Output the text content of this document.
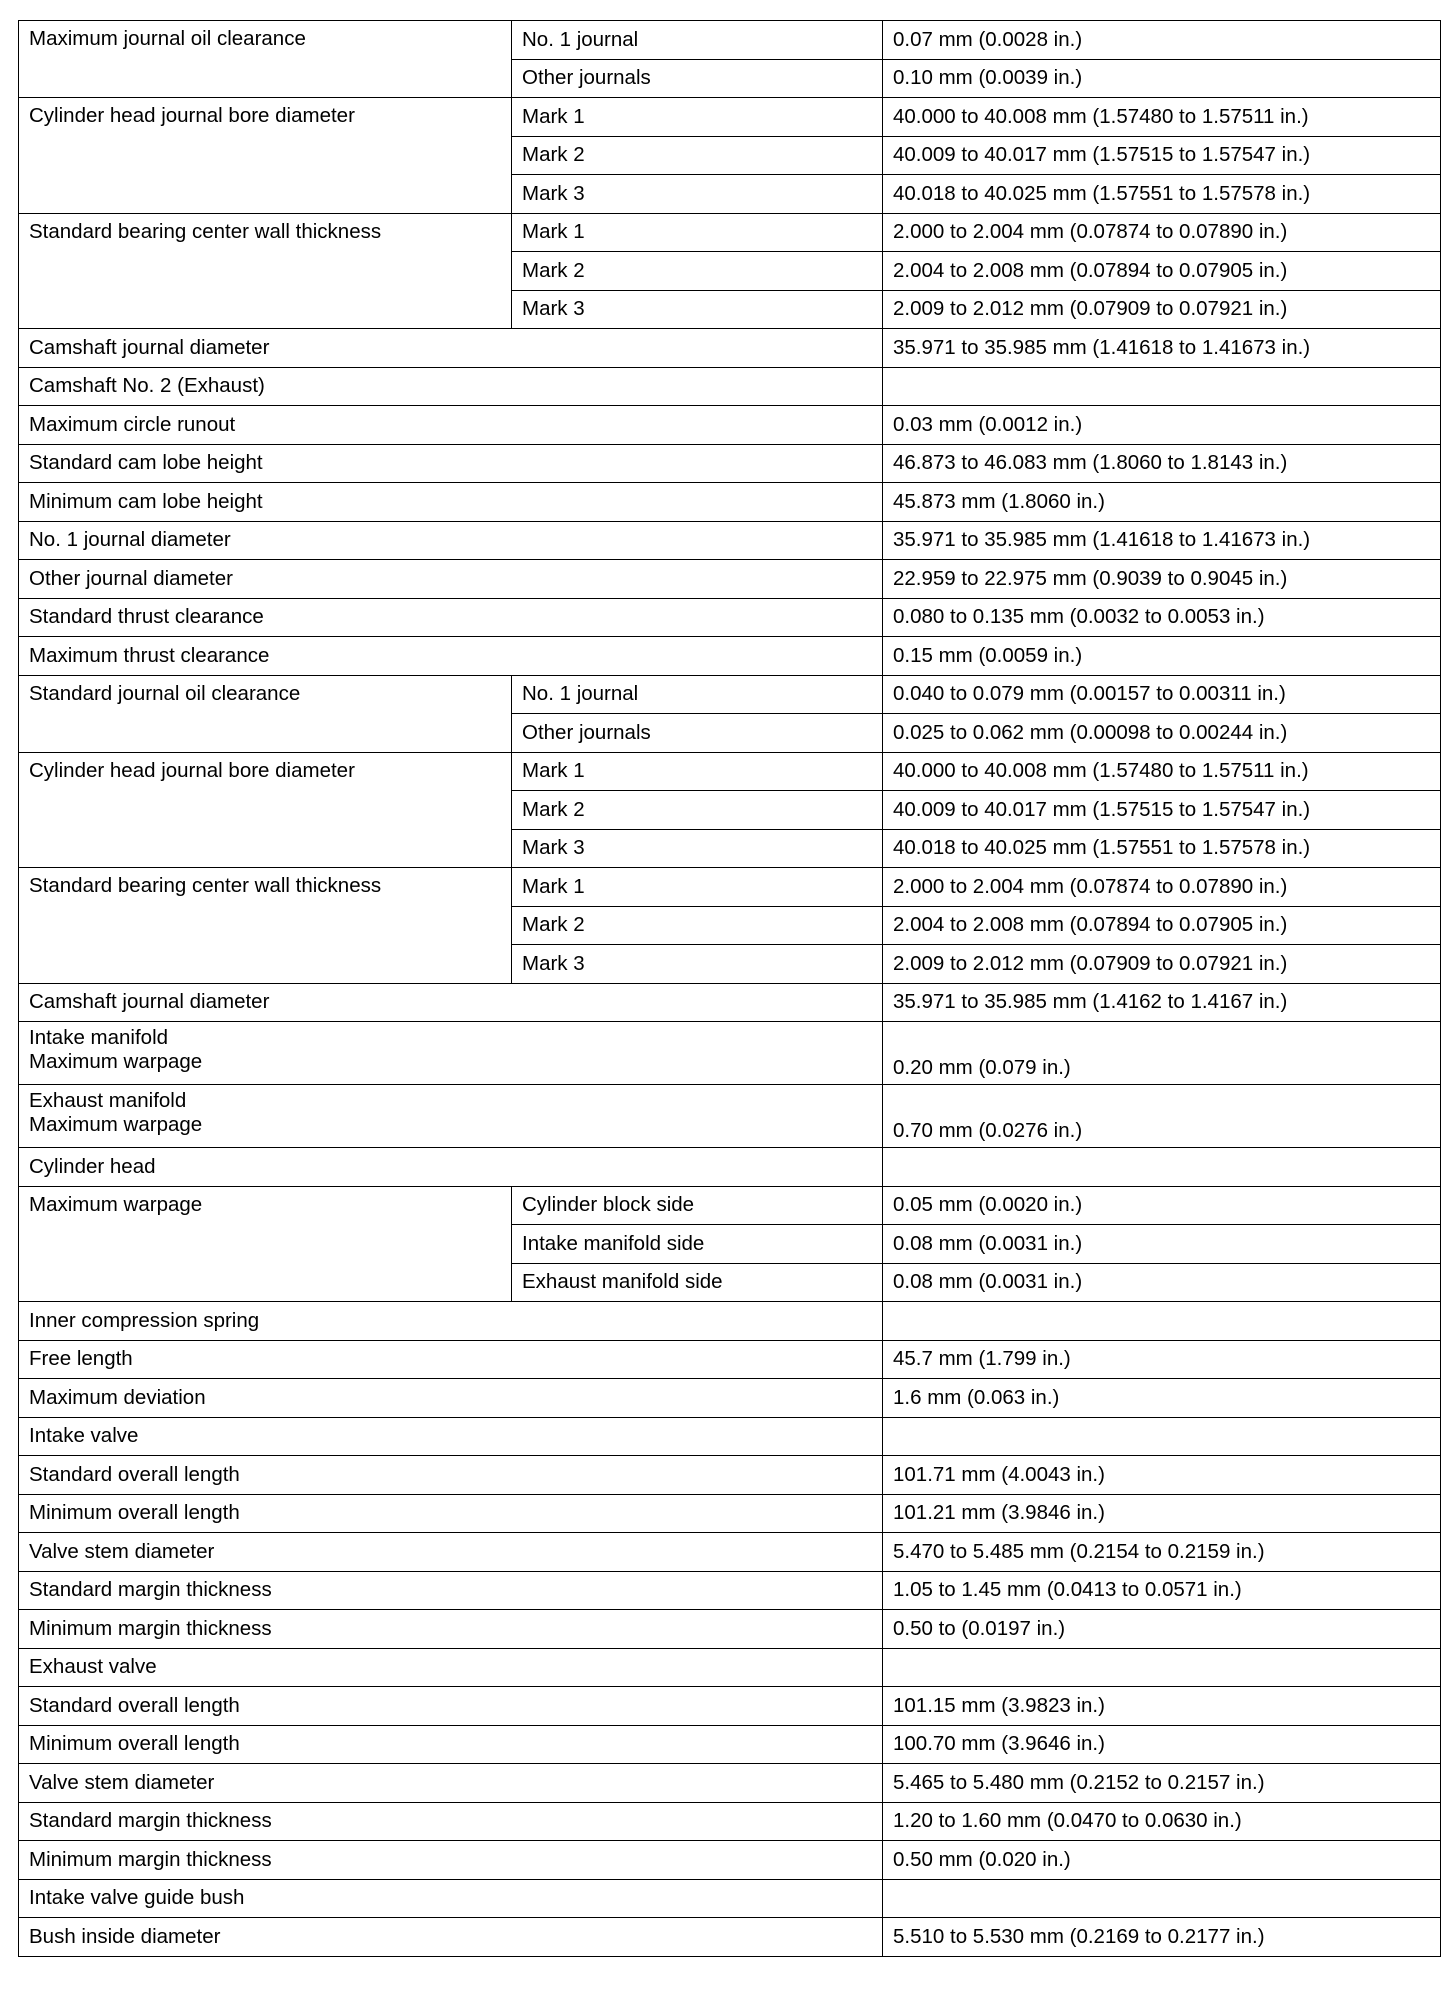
Maximum journal oil clearance	No. 1 journal	0.07 mm (0.0028 in.)
	Other journals	0.10 mm (0.0039 in.)
Cylinder head journal bore diameter	Mark 1	40.000 to 40.008 mm (1.57480 to 1.57511 in.)
	Mark 2	40.009 to 40.017 mm (1.57515 to 1.57547 in.)
	Mark 3	40.018 to 40.025 mm (1.57551 to 1.57578 in.)
Standard bearing center wall thickness	Mark 1	2.000 to 2.004 mm (0.07874 to 0.07890 in.)
	Mark 2	2.004 to 2.008 mm (0.07894 to 0.07905 in.)
	Mark 3	2.009 to 2.012 mm (0.07909 to 0.07921 in.)
Camshaft journal diameter		35.971 to 35.985 mm (1.41618 to 1.41673 in.)
Camshaft No. 2 (Exhaust)		
Maximum circle runout		0.03 mm (0.0012 in.)
Standard cam lobe height		46.873 to 46.083 mm (1.8060 to 1.8143 in.)
Minimum cam lobe height		45.873 mm (1.8060 in.)
No. 1 journal diameter		35.971 to 35.985 mm (1.41618 to 1.41673 in.)
Other journal diameter		22.959 to 22.975 mm (0.9039 to 0.9045 in.)
Standard thrust clearance		0.080 to 0.135 mm (0.0032 to 0.0053 in.)
Maximum thrust clearance		0.15 mm (0.0059 in.)
Standard journal oil clearance	No. 1 journal	0.040 to 0.079 mm (0.00157 to 0.00311 in.)
	Other journals	0.025 to 0.062 mm (0.00098 to 0.00244 in.)
Cylinder head journal bore diameter	Mark 1	40.000 to 40.008 mm (1.57480 to 1.57511 in.)
	Mark 2	40.009 to 40.017 mm (1.57515 to 1.57547 in.)
	Mark 3	40.018 to 40.025 mm (1.57551 to 1.57578 in.)
Standard bearing center wall thickness	Mark 1	2.000 to 2.004 mm (0.07874 to 0.07890 in.)
	Mark 2	2.004 to 2.008 mm (0.07894 to 0.07905 in.)
	Mark 3	2.009 to 2.012 mm (0.07909 to 0.07921 in.)
Camshaft journal diameter		35.971 to 35.985 mm (1.4162 to 1.4167 in.)

Intake manifold
Maximum warpage		0.20 mm (0.079 in.)

Exhaust manifold
Maximum warpage		0.70 mm (0.0276 in.)
Cylinder head		
Maximum warpage	Cylinder block side	0.05 mm (0.0020 in.)
	Intake manifold side	0.08 mm (0.0031 in.)
	Exhaust manifold side	0.08 mm (0.0031 in.)
Inner compression spring		
Free length		45.7 mm (1.799 in.)
Maximum deviation		1.6 mm (0.063 in.)
Intake valve		
Standard overall length		101.71 mm (4.0043 in.)
Minimum overall length		101.21 mm (3.9846 in.)
Valve stem diameter		5.470 to 5.485 mm (0.2154 to 0.2159 in.)
Standard margin thickness		1.05 to 1.45 mm (0.0413 to 0.0571 in.)
Minimum margin thickness		0.50 to (0.0197 in.)
Exhaust valve		
Standard overall length		101.15 mm (3.9823 in.)
Minimum overall length		100.70 mm (3.9646 in.)
Valve stem diameter		5.465 to 5.480 mm (0.2152 to 0.2157 in.)
Standard margin thickness		1.20 to 1.60 mm (0.0470 to 0.0630 in.)
Minimum margin thickness		0.50 mm (0.020 in.)
Intake valve guide bush		
Bush inside diameter		5.510 to 5.530 mm (0.2169 to 0.2177 in.)
